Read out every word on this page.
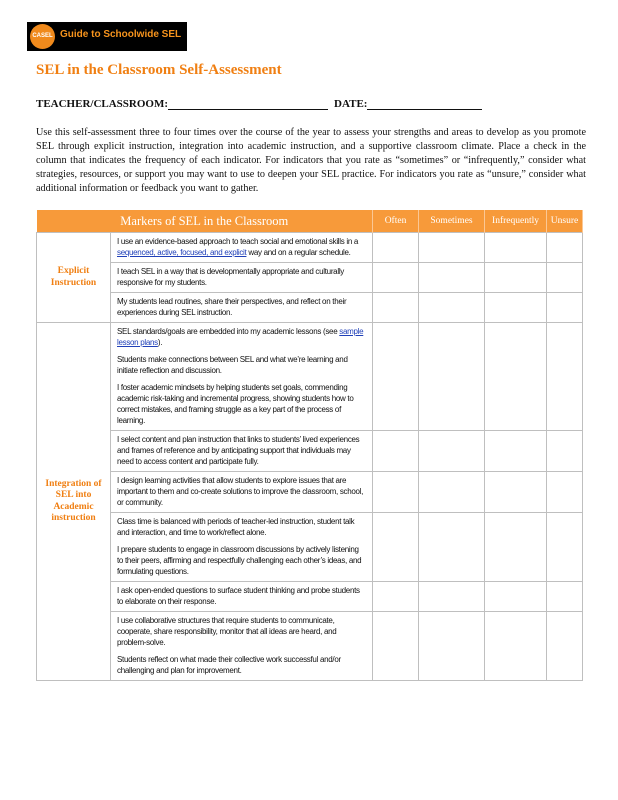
CASEL Guide to Schoolwide SEL
SEL in the Classroom Self-Assessment
TEACHER/CLASSROOM:	DATE:

Use this self-assessment three to four times over the course of the year to assess your strengths and areas to develop as you promote SEL through explicit instruction, integration into academic instruction, and a supportive classroom climate. Place a check in the column that indicates the frequency of each indicator. For indicators that you rate as “sometimes” or “infrequently,” consider what strategies, resources, or support you may want to use to deepen your SEL practice. For indicators you rate as “unsure,” consider what additional information or feedback you want to gather.

Markers of SEL in the Classroom		Often	Sometimes	Infrequently	Unsure
Explicit Instruction	I use an evidence-based approach to teach social and emotional skills in a sequenced, active, focused, and explicit way and on a regular schedule.				

	I teach SEL in a way that is developmentally appropriate and culturally responsive for my students.				

	My students lead routines, share their perspectives, and reflect on their experiences during SEL instruction.				

Integration of SEL into Academic instruction	SEL standards/goals are embedded into my academic lessons (see sample lesson plans).
Students make connections between SEL and what we’re learning and initiate reflection and discussion.
I foster academic mindsets by helping students set goals, commending academic risk-taking and incremental progress, showing students how to correct mistakes, and framing struggle as a key part of the process of learning.				

	I select content and plan instruction that links to students’ lived experiences and frames of reference and by anticipating support that individuals may need to access content and participate fully.				

	I design learning activities that allow students to explore issues that are important to them and co-create solutions to improve the classroom, school, or community.				

	Class time is balanced with periods of teacher-led instruction, student talk and interaction, and time to work/reflect alone.
I prepare students to engage in classroom discussions by actively listening to their peers, affirming and respectfully challenging each other’s ideas, and formulating questions.				

	I ask open-ended questions to surface student thinking and probe students to elaborate on their response.				

	I use collaborative structures that require students to communicate, cooperate, share responsibility, monitor that all ideas are heard, and problem-solve.
Students reflect on what made their collective work successful and/or challenging and plan for improvement.				
